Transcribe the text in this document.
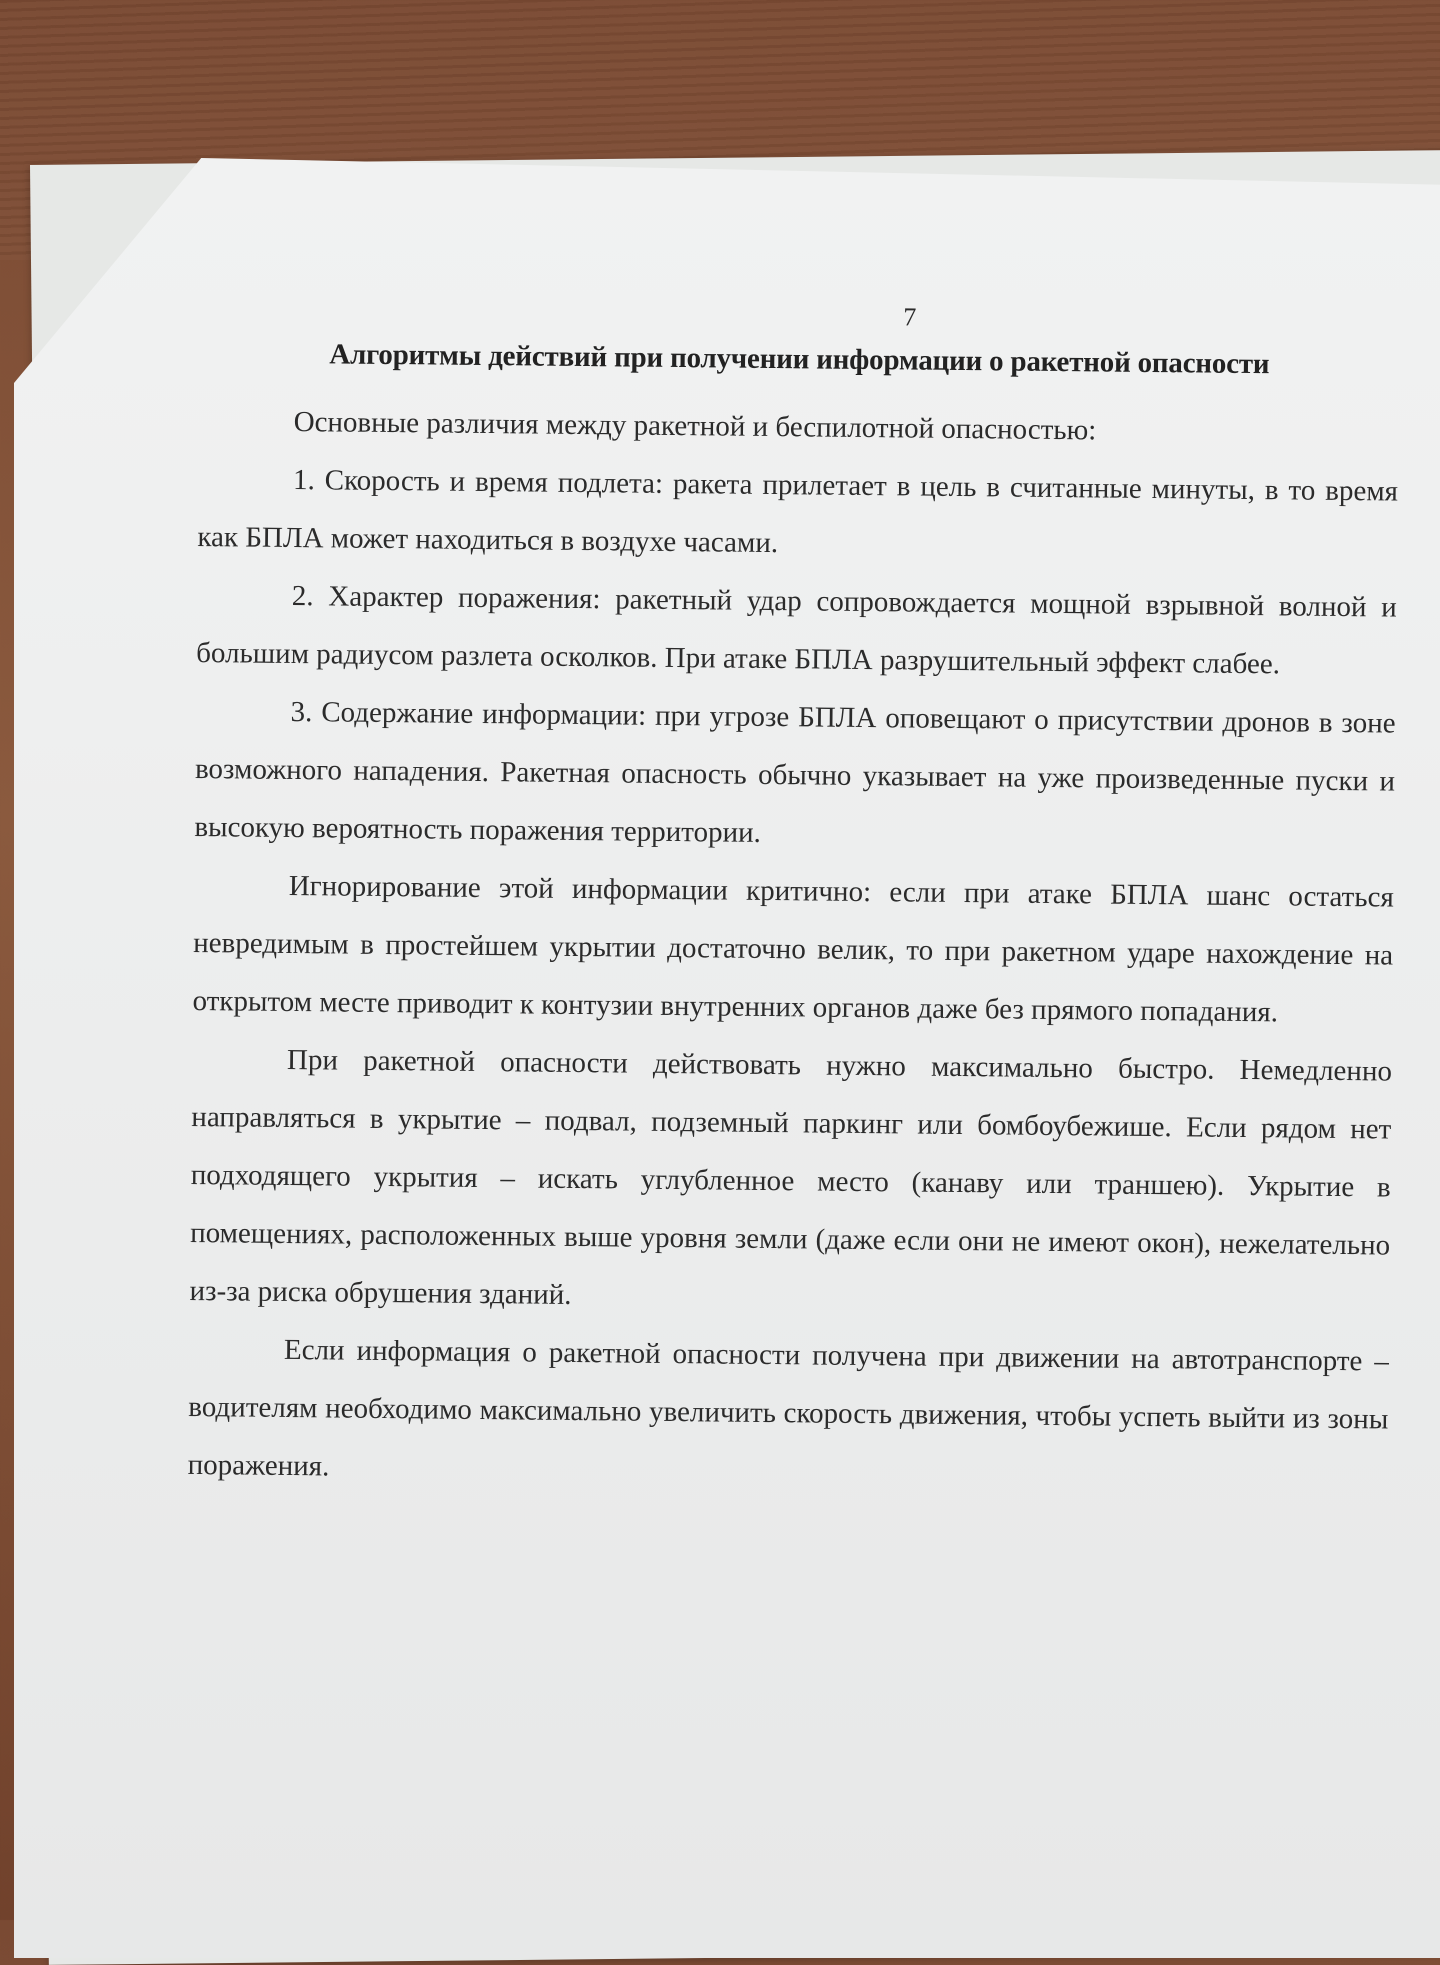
7
Алгоритмы действий при получении информации о ракетной опасности

Основные различия между ракетной и беспилотной опасностью:

1. Скорость и время подлета: ракета прилетает в цель в считанные минуты, в то время как БПЛА может находиться в воздухе часами.

2. Характер поражения: ракетный удар сопровождается мощной взрывной волной и большим радиусом разлета осколков. При атаке БПЛА разрушительный эффект слабее.

3. Содержание информации: при угрозе БПЛА оповещают о присутствии дронов в зоне возможного нападения. Ракетная опасность обычно указывает на уже произведенные пуски и высокую вероятность поражения территории.

Игнорирование этой информации критично: если при атаке БПЛА шанс остаться невредимым в простейшем укрытии достаточно велик, то при ракетном ударе нахождение на открытом месте приводит к контузии внутренних органов даже без прямого попадания.

При ракетной опасности действовать нужно максимально быстро. Немедленно направляться в укрытие – подвал, подземный паркинг или бомбоубежише. Если рядом нет подходящего укрытия – искать углубленное место (канаву или траншею). Укрытие в помещениях, расположенных выше уровня земли (даже если они не имеют окон), нежелательно из-за риска обрушения зданий.

Если информация о ракетной опасности получена при движении на автотранспорте – водителям необходимо максимально увеличить скорость движения, чтобы успеть выйти из зоны поражения.
